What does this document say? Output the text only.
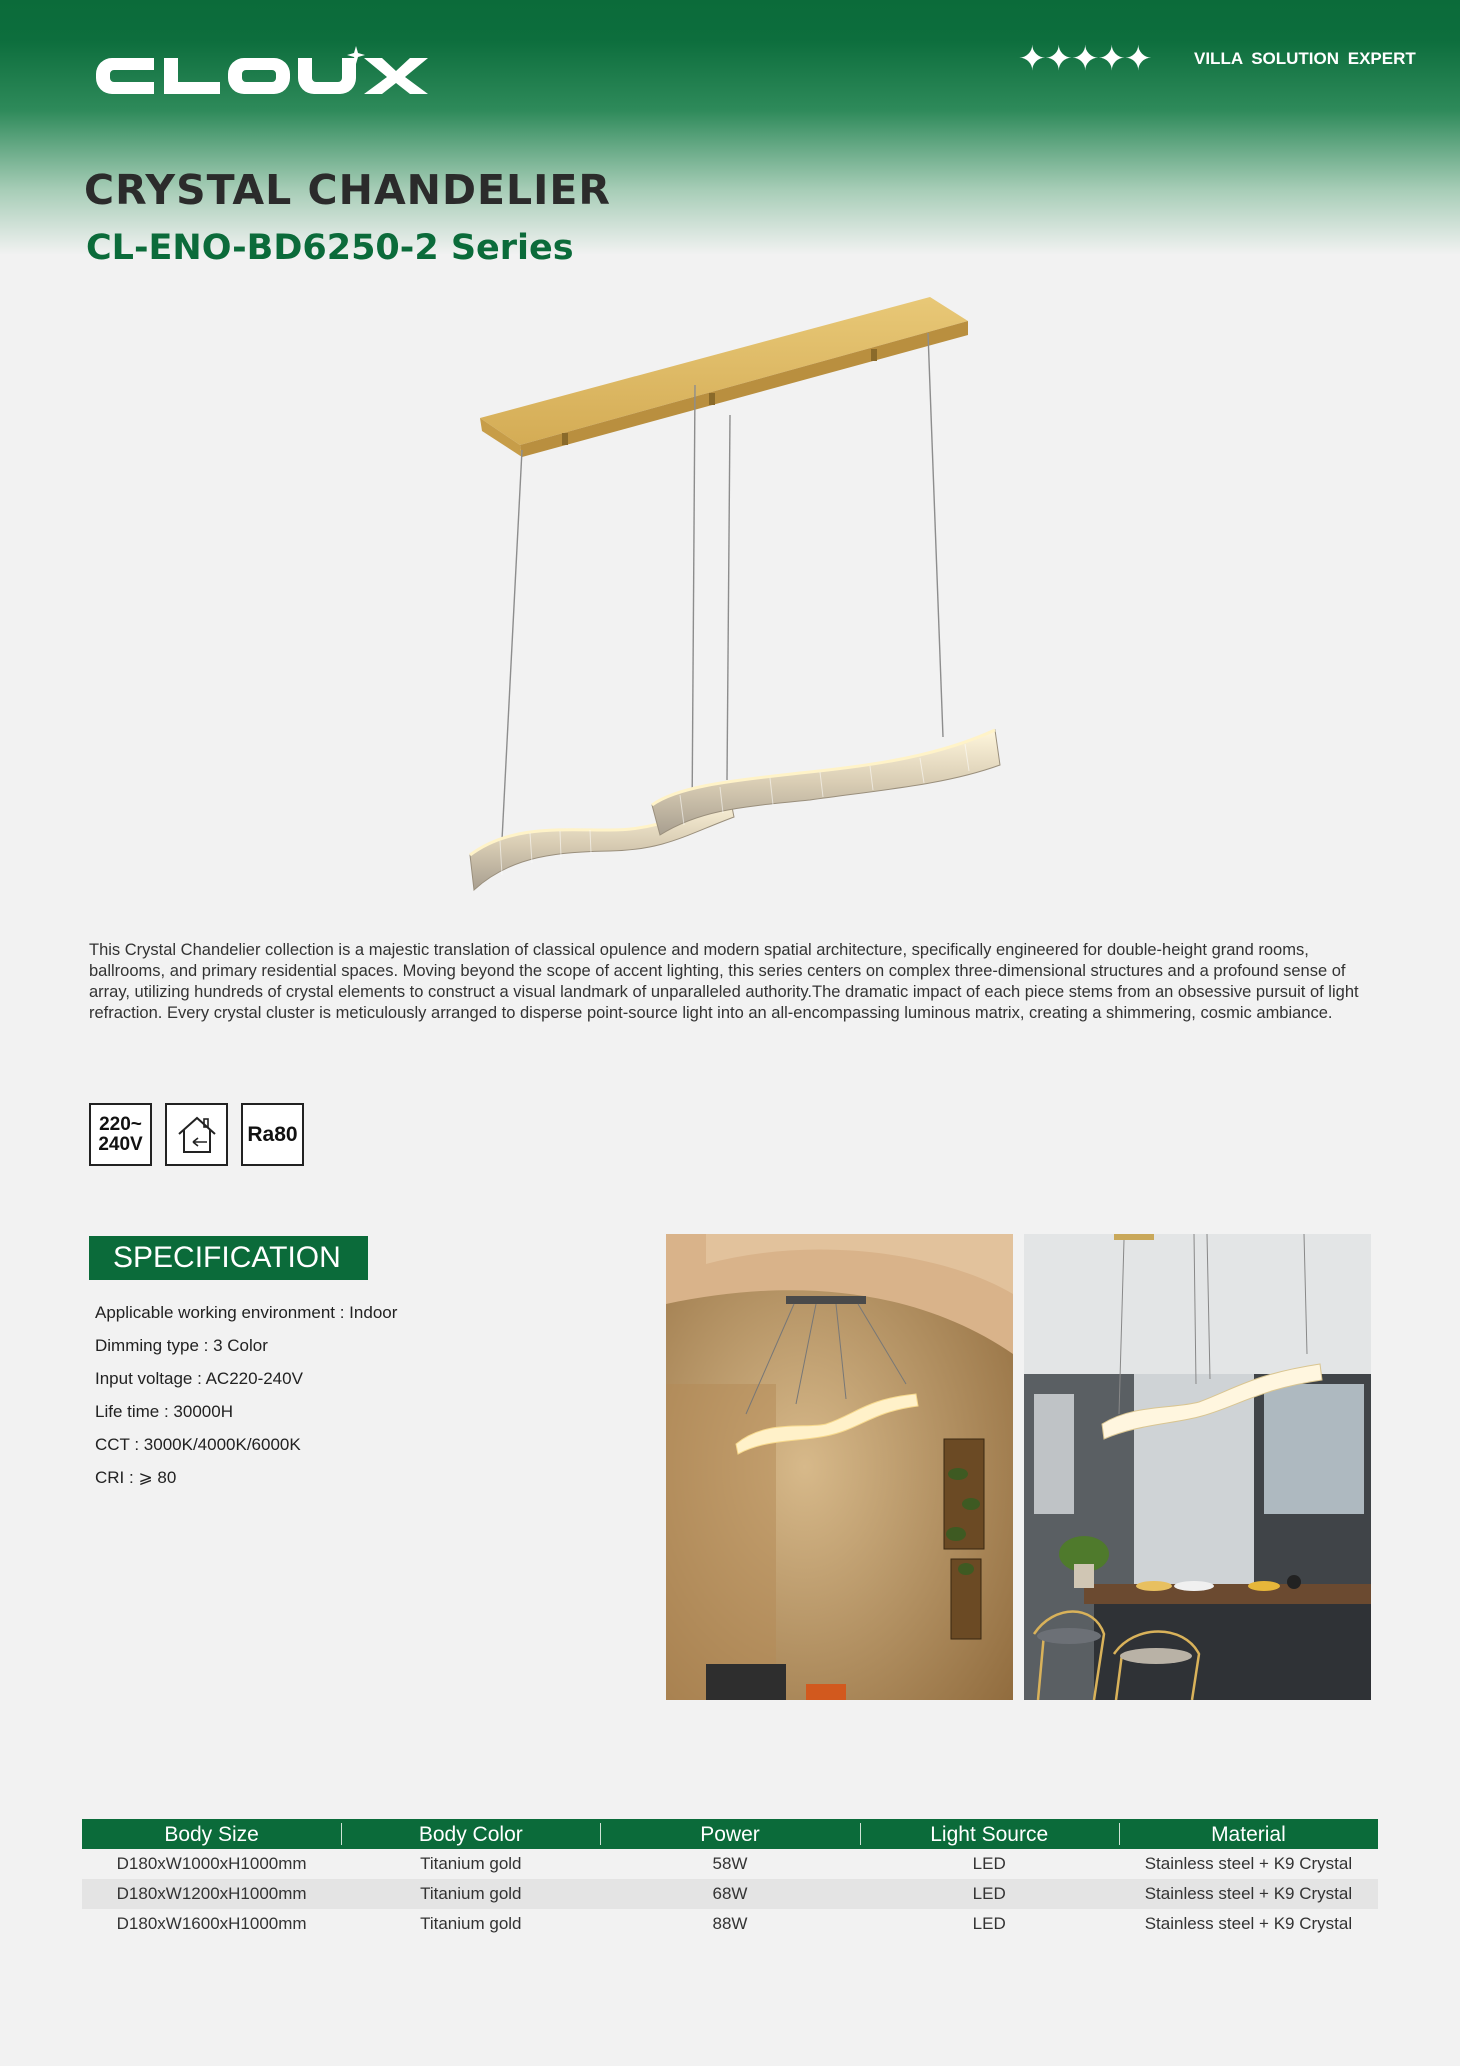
✦✦✦✦✦	VILLA SOLUTION EXPERT
CRYSTAL CHANDELIER
CL-ENO-BD6250-2 Series

This Crystal Chandelier collection is a majestic translation of classical opulence and modern spatial architecture, specifically engineered for double-height grand rooms, ballrooms, and primary residential spaces. Moving beyond the scope of accent lighting, this series centers on complex three-dimensional structures and a profound sense of array, utilizing hundreds of crystal elements to construct a visual landmark of unparalleled authority.The dramatic impact of each piece stems from an obsessive pursuit of light refraction. Every crystal cluster is meticulously arranged to disperse point-source light into an all-encompassing luminous matrix, creating a shimmering, cosmic ambiance.

220~
240V	Ra80
SPECIFICATION
Applicable working environment : Indoor
Dimming type : 3 Color
Input voltage : AC220-240V
Life time : 30000H
CCT : 3000K/4000K/6000K
CRI : ⩾ 80
Body Size	Body Color	Power	Light Source	Material
D180xW1000xH1000mm	Titanium gold	58W	LED	Stainless steel + K9 Crystal
D180xW1200xH1000mm	Titanium gold	68W	LED	Stainless steel + K9 Crystal
D180xW1600xH1000mm	Titanium gold	88W	LED	Stainless steel + K9 Crystal
